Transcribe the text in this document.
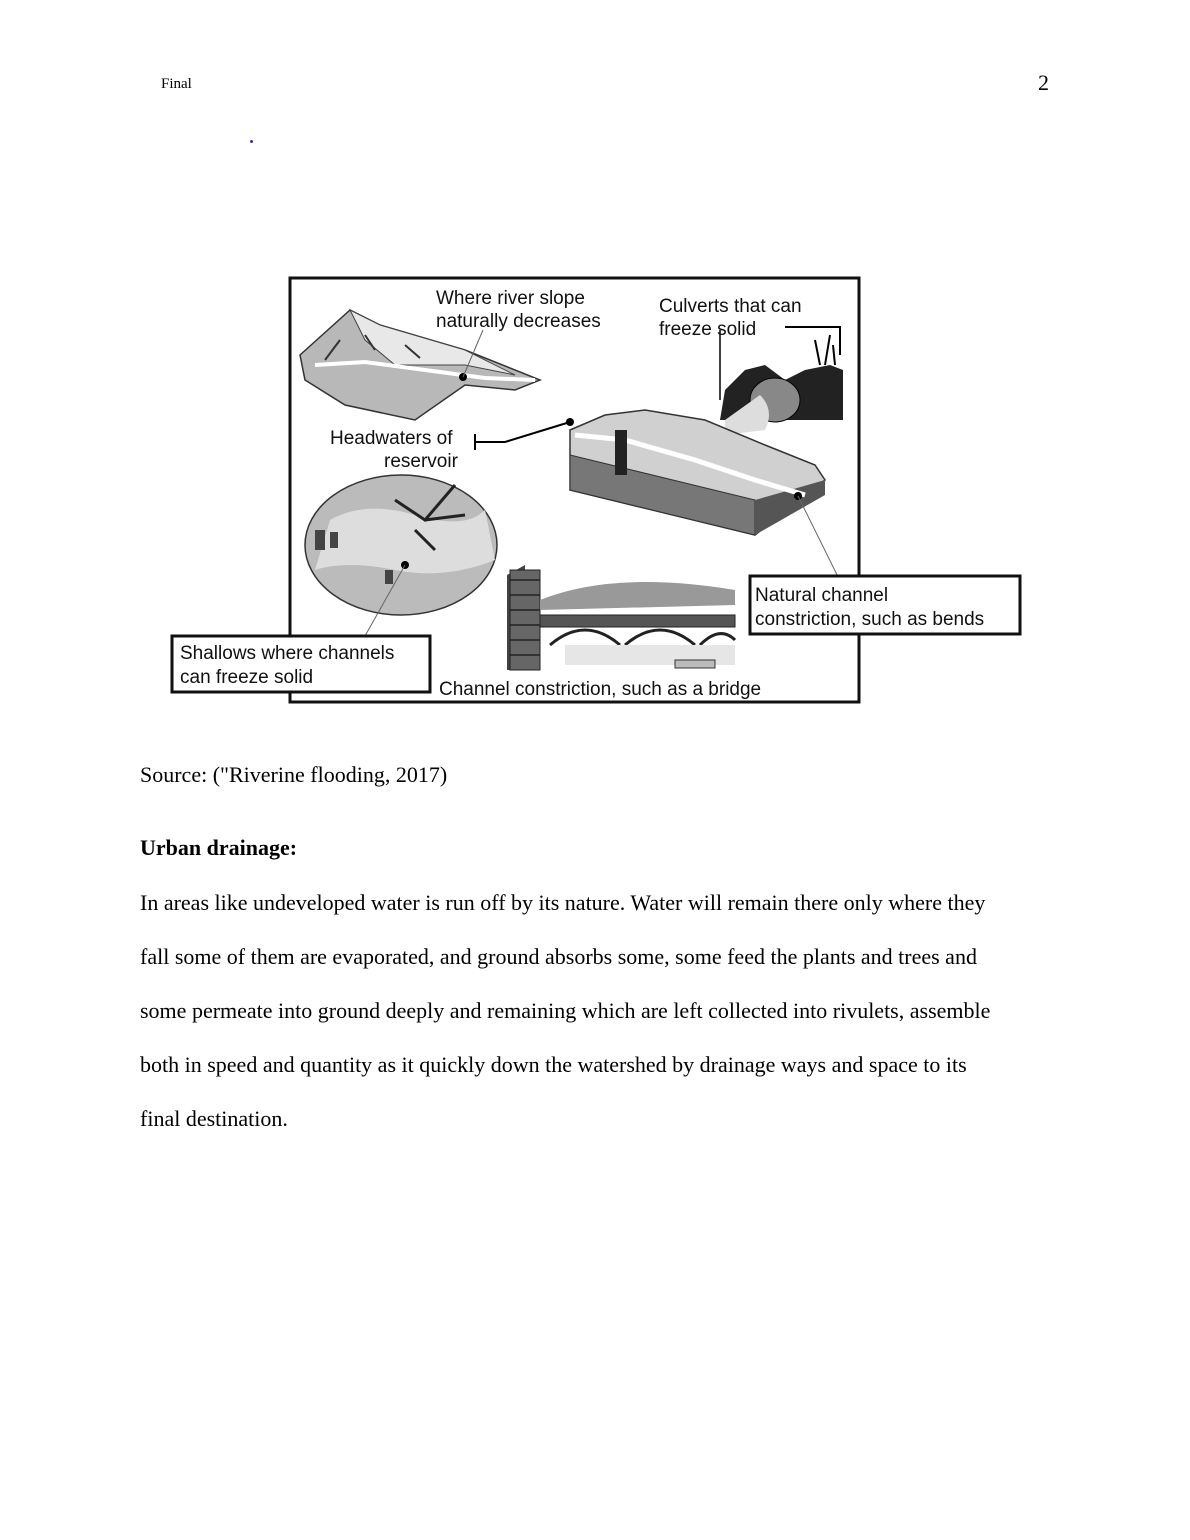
Final	2
Where river slope
naturally decreases
Culverts that can
freeze solid
Headwaters of
reservoir
Natural channel
constriction, such as bends
Shallows where channels
can freeze solid
Channel constriction, such as a bridge
Source: ("Riverine flooding, 2017)
Urban drainage:
In areas like undeveloped water is run off by its nature. Water will remain there only where they
fall some of them are evaporated, and ground absorbs some, some feed the plants and trees and
some permeate into ground deeply and remaining which are left collected into rivulets, assemble
both in speed and quantity as it quickly down the watershed by drainage ways and space to its
final destination.
